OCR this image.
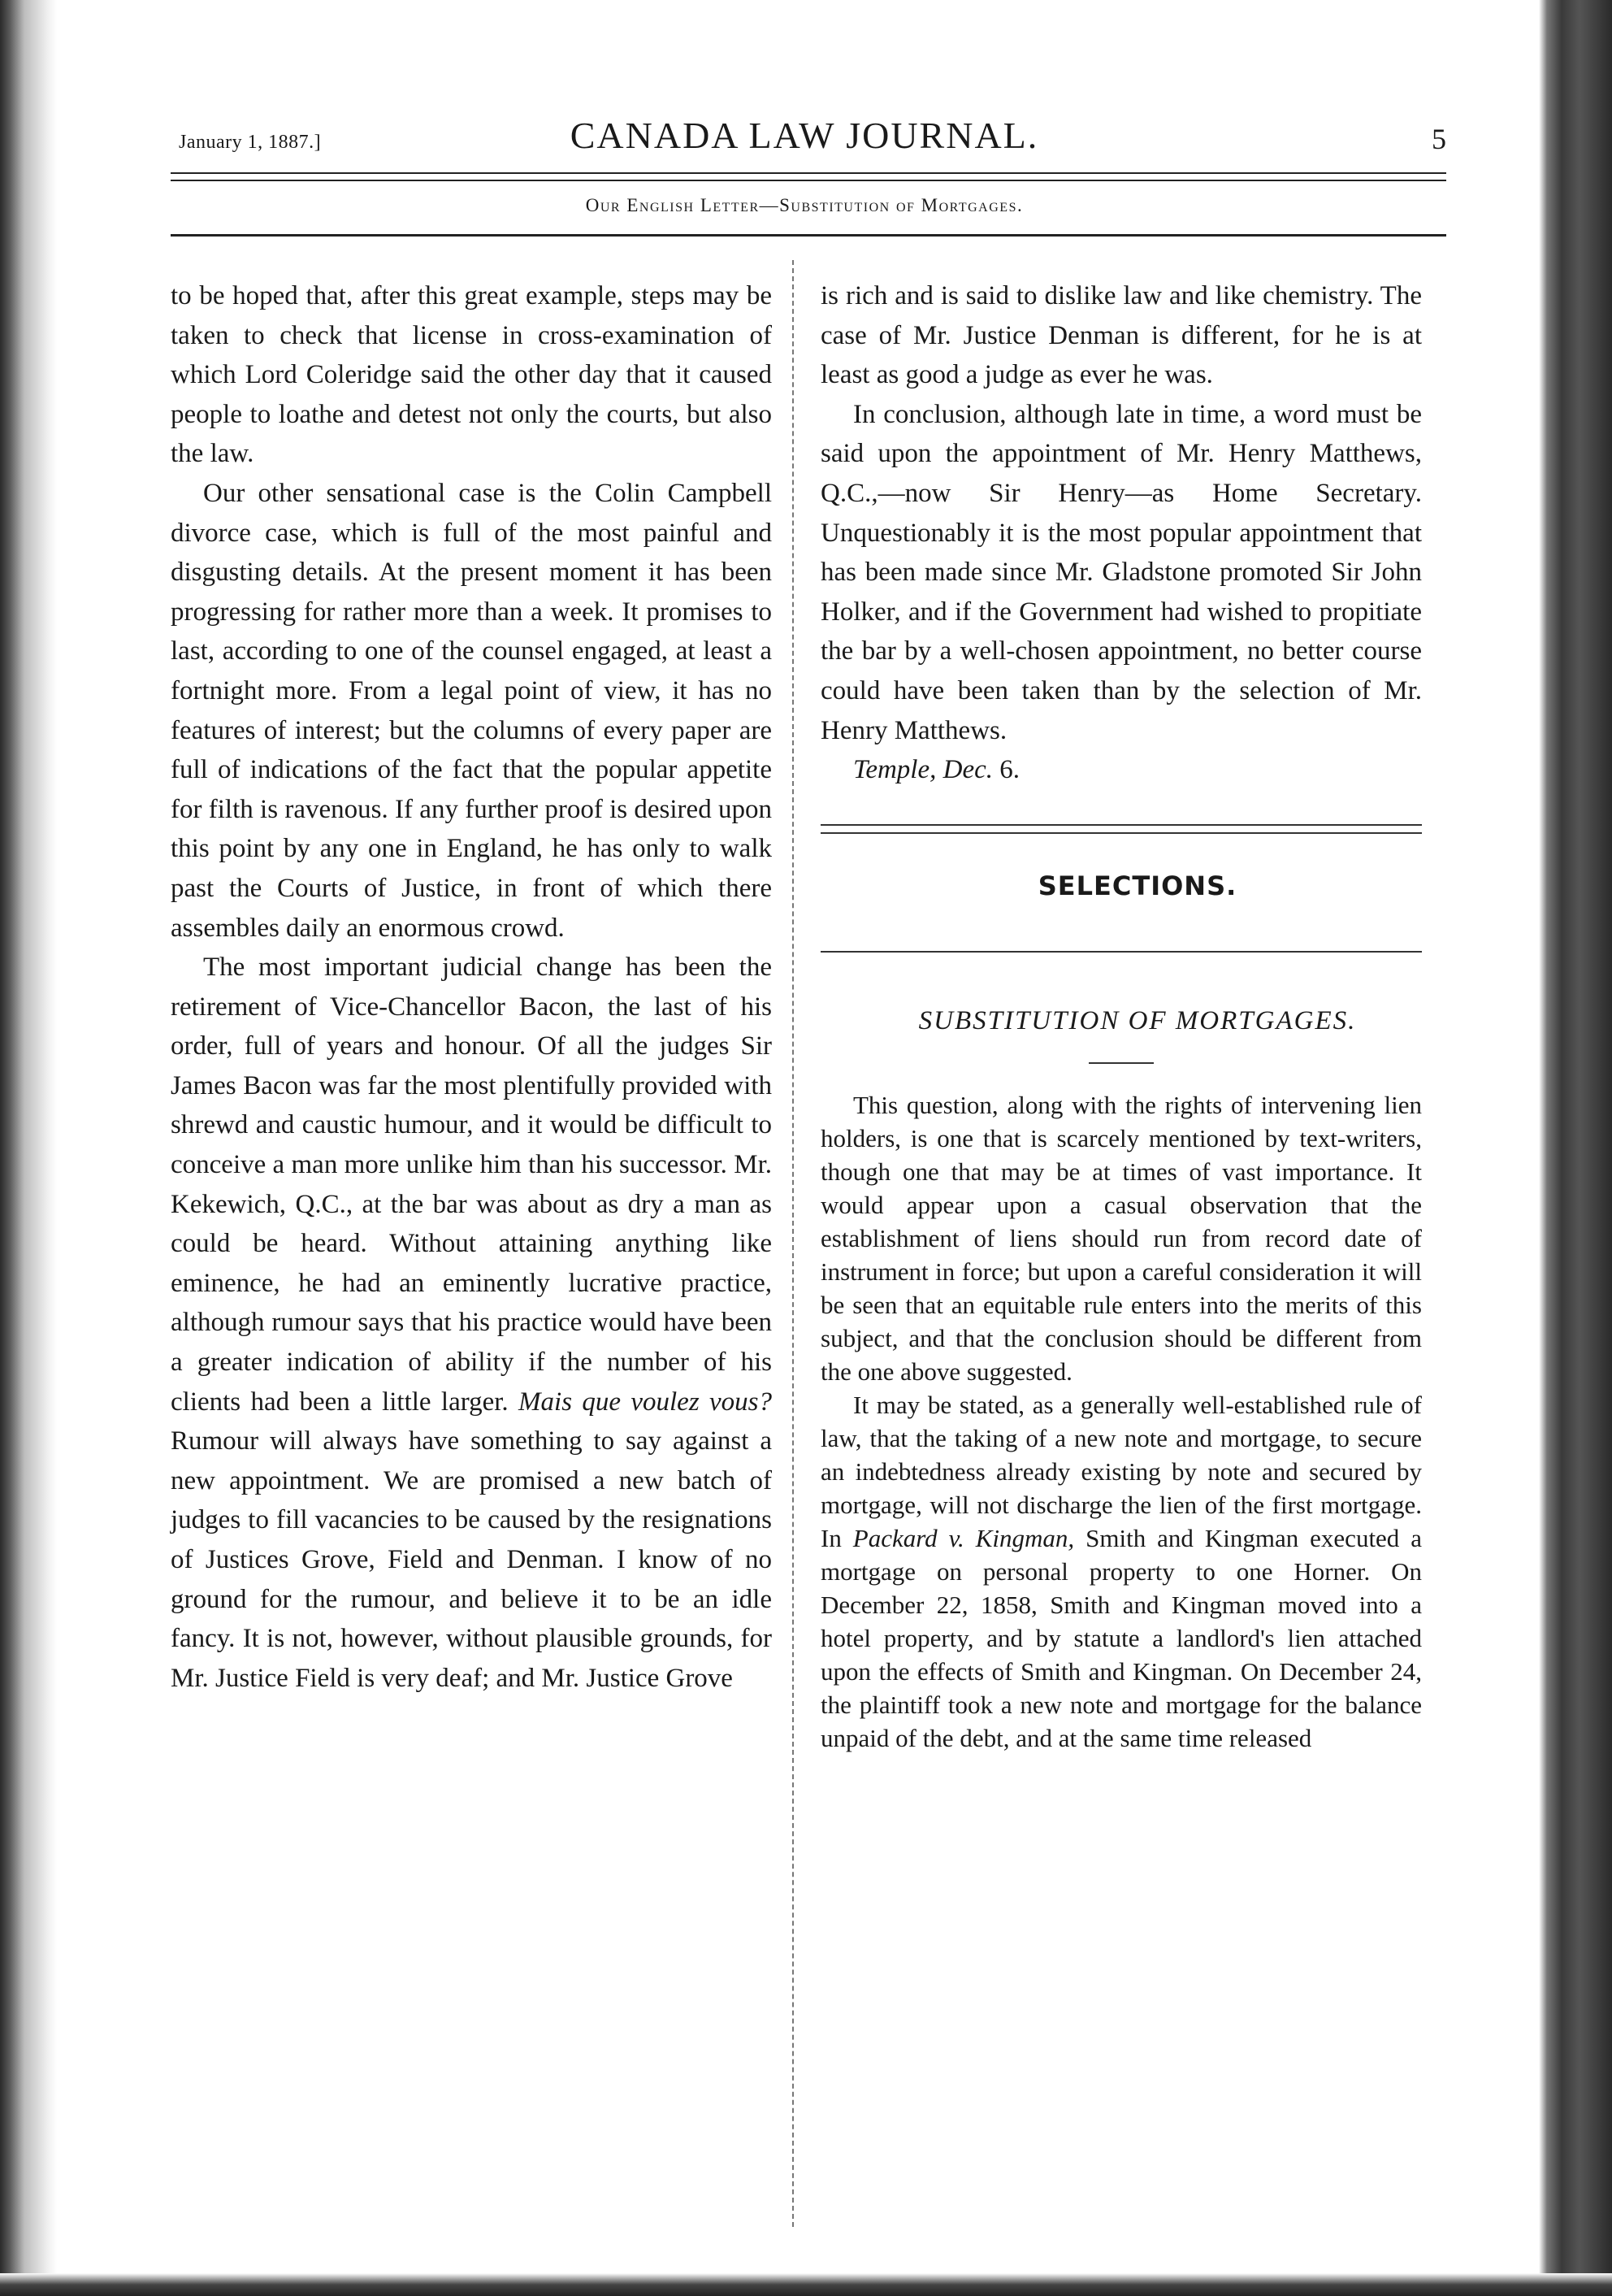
January 1, 1887.]	CANADA LAW JOURNAL.	5
Our English Letter—Substitution of Mortgages.

to be hoped that, after this great example, steps may be taken to check that license in cross-examination of which Lord Coleridge said the other day that it caused people to loathe and detest not only the courts, but also the law.

Our other sensational case is the Colin Campbell divorce case, which is full of the most painful and disgusting details. At the present moment it has been progressing for rather more than a week. It promises to last, according to one of the counsel engaged, at least a fortnight more. From a legal point of view, it has no features of interest; but the columns of every paper are full of indications of the fact that the popular appetite for filth is ravenous. If any further proof is desired upon this point by any one in England, he has only to walk past the Courts of Justice, in front of which there assembles daily an enormous crowd.

The most important judicial change has been the retirement of Vice-Chancellor Bacon, the last of his order, full of years and honour. Of all the judges Sir James Bacon was far the most plentifully provided with shrewd and caustic humour, and it would be difficult to conceive a man more unlike him than his successor. Mr. Kekewich, Q.C., at the bar was about as dry a man as could be heard. Without attaining anything like eminence, he had an eminently lucrative practice, although rumour says that his practice would have been a greater indication of ability if the number of his clients had been a little larger. Mais que voulez vous? Rumour will always have something to say against a new appointment. We are promised a new batch of judges to fill vacancies to be caused by the resignations of Justices Grove, Field and Denman. I know of no ground for the rumour, and believe it to be an idle fancy. It is not, however, without plausible grounds, for Mr. Justice Field is very deaf; and Mr. Justice Grove

is rich and is said to dislike law and like chemistry. The case of Mr. Justice Denman is different, for he is at least as good a judge as ever he was.

In conclusion, although late in time, a word must be said upon the appointment of Mr. Henry Matthews, Q.C.,—now Sir Henry—as Home Secretary. Unquestionably it is the most popular appointment that has been made since Mr. Gladstone promoted Sir John Holker, and if the Government had wished to propitiate the bar by a well-chosen appointment, no better course could have been taken than by the selection of Mr. Henry Matthews.

Temple, Dec. 6.

SELECTIONS.

SUBSTITUTION OF MORTGAGES.

This question, along with the rights of intervening lien holders, is one that is scarcely mentioned by text-writers, though one that may be at times of vast importance. It would appear upon a casual observation that the establishment of liens should run from record date of instrument in force; but upon a careful consideration it will be seen that an equitable rule enters into the merits of this subject, and that the conclusion should be different from the one above suggested.

It may be stated, as a generally well-established rule of law, that the taking of a new note and mortgage, to secure an indebtedness already existing by note and secured by mortgage, will not discharge the lien of the first mortgage. In Packard v. Kingman, Smith and Kingman executed a mortgage on personal property to one Horner. On December 22, 1858, Smith and Kingman moved into a hotel property, and by statute a landlord's lien attached upon the effects of Smith and Kingman. On December 24, the plaintiff took a new note and mortgage for the balance unpaid of the debt, and at the same time released
